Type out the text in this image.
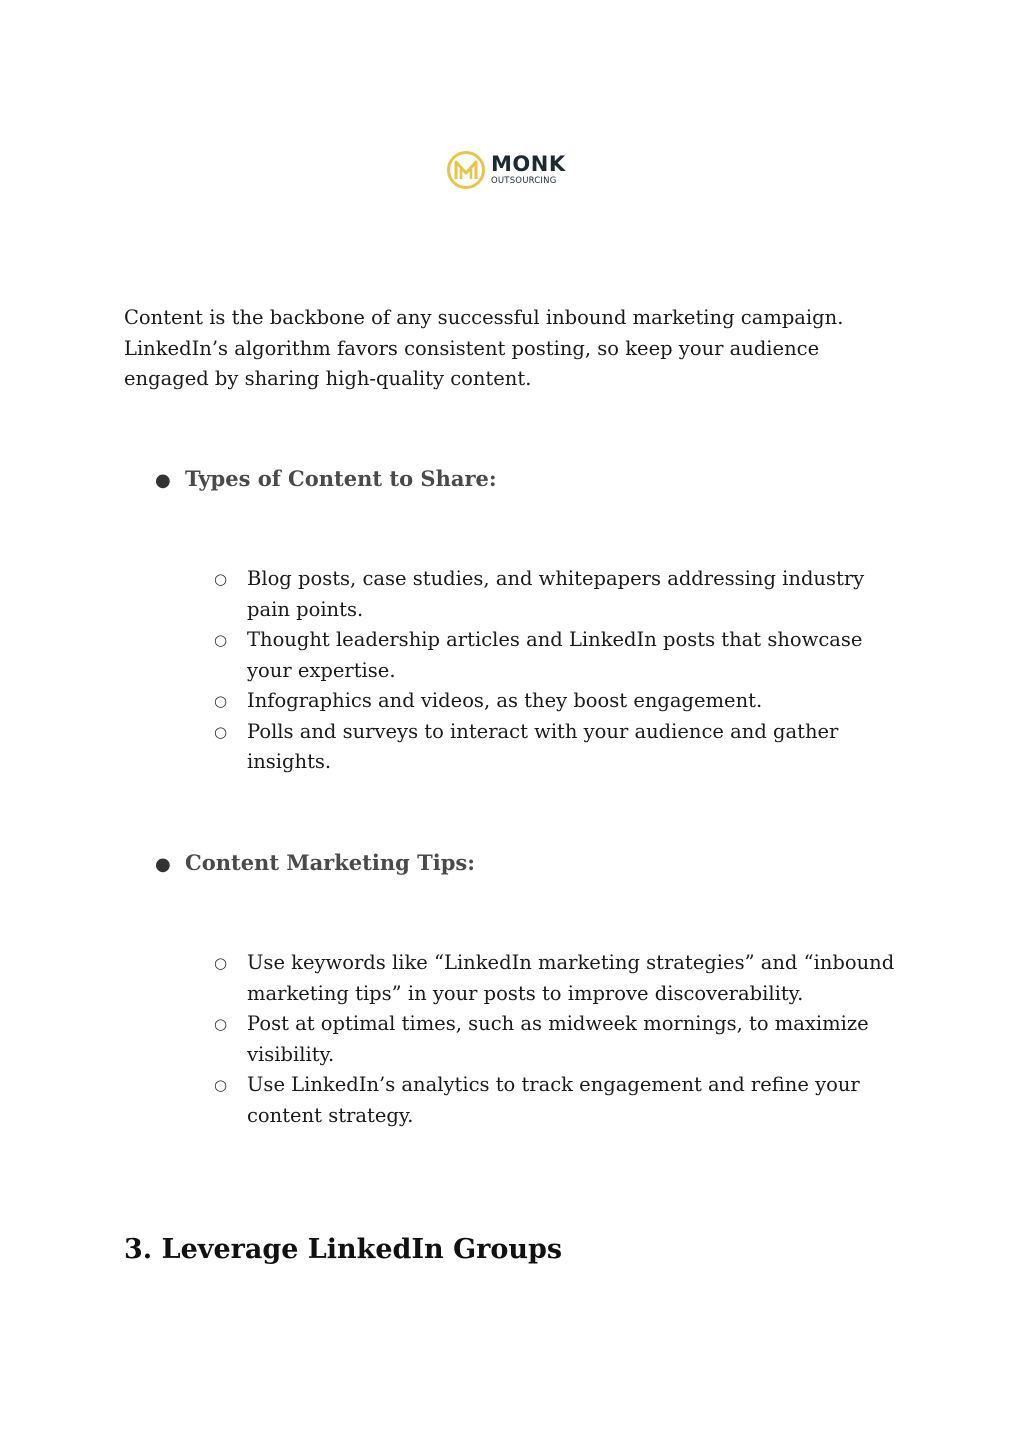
MONK
OUTSOURCING

Content is the backbone of any successful inbound marketing campaign. LinkedIn’s algorithm favors consistent posting, so keep your audience engaged by sharing high-quality content.

● Types of Content to Share:
○	Blog posts, case studies, and whitepapers addressing industry pain points.
○	Thought leadership articles and LinkedIn posts that showcase your expertise.
○	Infographics and videos, as they boost engagement.
○	Polls and surveys to interact with your audience and gather insights.
● Content Marketing Tips:
○	Use keywords like “LinkedIn marketing strategies” and “inbound marketing tips” in your posts to improve discoverability.
○	Post at optimal times, such as midweek mornings, to maximize visibility.
○	Use LinkedIn’s analytics to track engagement and refine your content strategy.
3. Leverage LinkedIn Groups
